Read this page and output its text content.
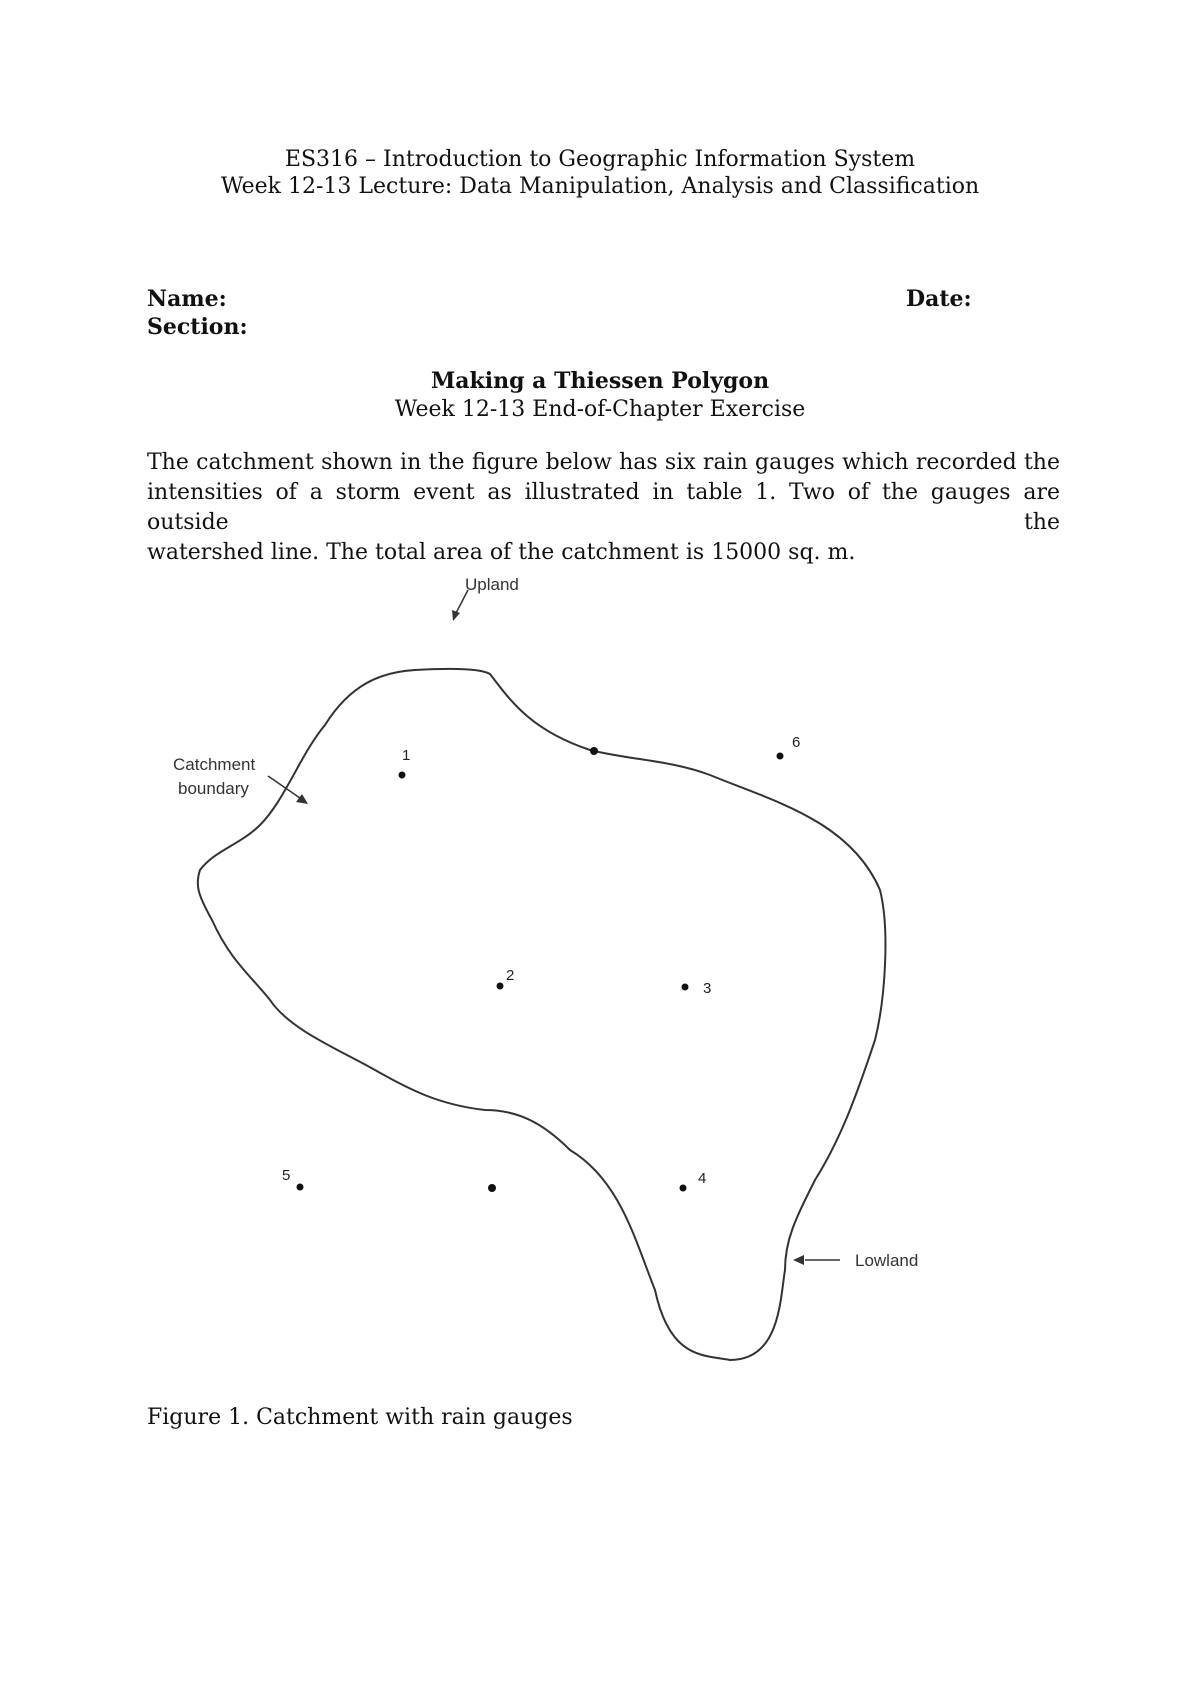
ES316 – Introduction to Geographic Information System
Week 12-13 Lecture: Data Manipulation, Analysis and Classification
Name:	Date:
Section:
Making a Thiessen Polygon
Week 12-13 End-of-Chapter Exercise
The catchment shown in the figure below has six rain gauges which recorded the
intensities of a storm event as illustrated in table 1. Two of the gauges are outside the
watershed line. The total area of the catchment is 15000 sq. m.
Upland
Catchment
boundary
Lowland
1
2
3
4
5
6
Figure 1. Catchment with rain gauges
